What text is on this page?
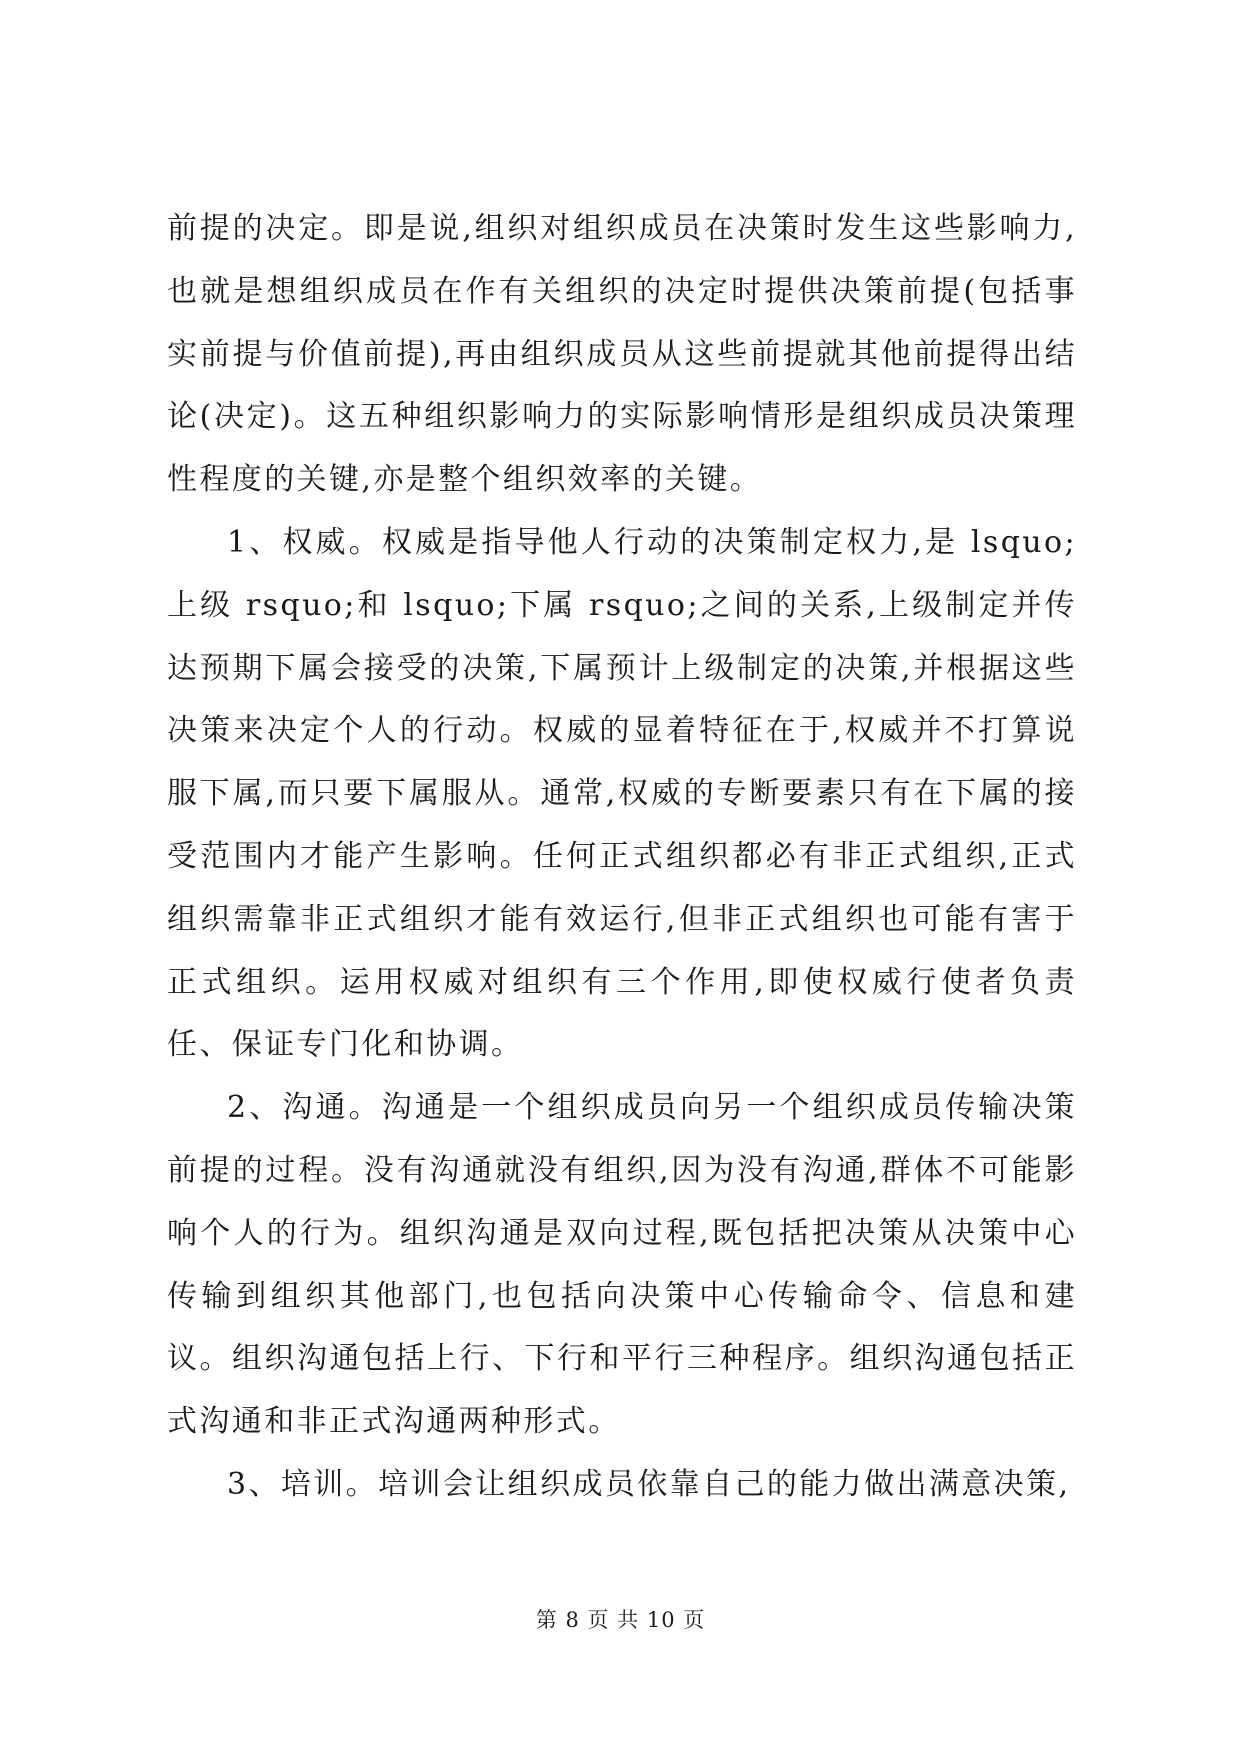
前提的决定。即是说,组织对组织成员在决策时发生这些影响力,也就是想组织成员在作有关组织的决定时提供决策前提(包括事实前提与价值前提),再由组织成员从这些前提就其他前提得出结论(决定)。这五种组织影响力的实际影响情形是组织成员决策理性程度的关键,亦是整个组织效率的关键。

1、权威。权威是指导他人行动的决策制定权力,是 lsquo;上级 rsquo;和 lsquo;下属 rsquo;之间的关系,上级制定并传达预期下属会接受的决策,下属预计上级制定的决策,并根据这些决策来决定个人的行动。权威的显着特征在于,权威并不打算说服下属,而只要下属服从。通常,权威的专断要素只有在下属的接受范围内才能产生影响。任何正式组织都必有非正式组织,正式组织需靠非正式组织才能有效运行,但非正式组织也可能有害于正式组织。运用权威对组织有三个作用,即使权威行使者负责任、保证专门化和协调。

2、沟通。沟通是一个组织成员向另一个组织成员传输决策前提的过程。没有沟通就没有组织,因为没有沟通,群体不可能影响个人的行为。组织沟通是双向过程,既包括把决策从决策中心传输到组织其他部门,也包括向决策中心传输命令、信息和建议。组织沟通包括上行、下行和平行三种程序。组织沟通包括正式沟通和非正式沟通两种形式。

3、培训。培训会让组织成员依靠自己的能力做出满意决策,

第 8 页 共 10 页
